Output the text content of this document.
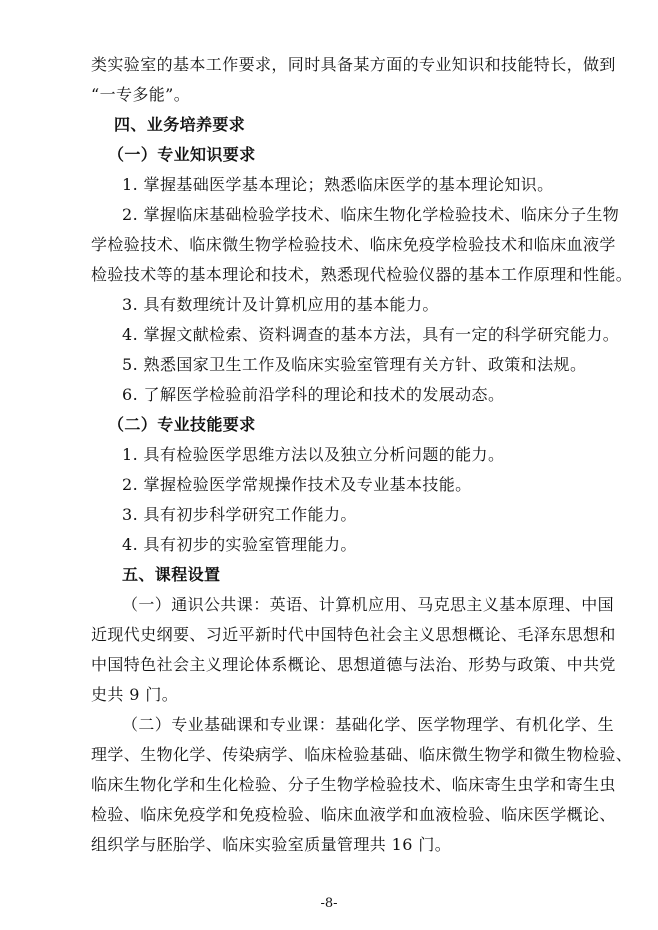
类实验室的基本工作要求，同时具备某方面的专业知识和技能特长，做到
“一专多能”。
四、业务培养要求
（一）专业知识要求
1. 掌握基础医学基本理论；熟悉临床医学的基本理论知识。
2. 掌握临床基础检验学技术、临床生物化学检验技术、临床分子生物
学检验技术、临床微生物学检验技术、临床免疫学检验技术和临床血液学
检验技术等的基本理论和技术，熟悉现代检验仪器的基本工作原理和性能。
3. 具有数理统计及计算机应用的基本能力。
4. 掌握文献检索、资料调查的基本方法，具有一定的科学研究能力。
5. 熟悉国家卫生工作及临床实验室管理有关方针、政策和法规。
6. 了解医学检验前沿学科的理论和技术的发展动态。
（二）专业技能要求
1. 具有检验医学思维方法以及独立分析问题的能力。
2. 掌握检验医学常规操作技术及专业基本技能。
3. 具有初步科学研究工作能力。
4. 具有初步的实验室管理能力。
五、课程设置
（一）通识公共课：英语、计算机应用、马克思主义基本原理、中国
近现代史纲要、习近平新时代中国特色社会主义思想概论、毛泽东思想和
中国特色社会主义理论体系概论、思想道德与法治、形势与政策、中共党
史共 9 门。
（二）专业基础课和专业课：基础化学、医学物理学、有机化学、生
理学、生物化学、传染病学、临床检验基础、临床微生物学和微生物检验、
临床生物化学和生化检验、分子生物学检验技术、临床寄生虫学和寄生虫
检验、临床免疫学和免疫检验、临床血液学和血液检验、临床医学概论、
组织学与胚胎学、临床实验室质量管理共 16 门。
-8-
